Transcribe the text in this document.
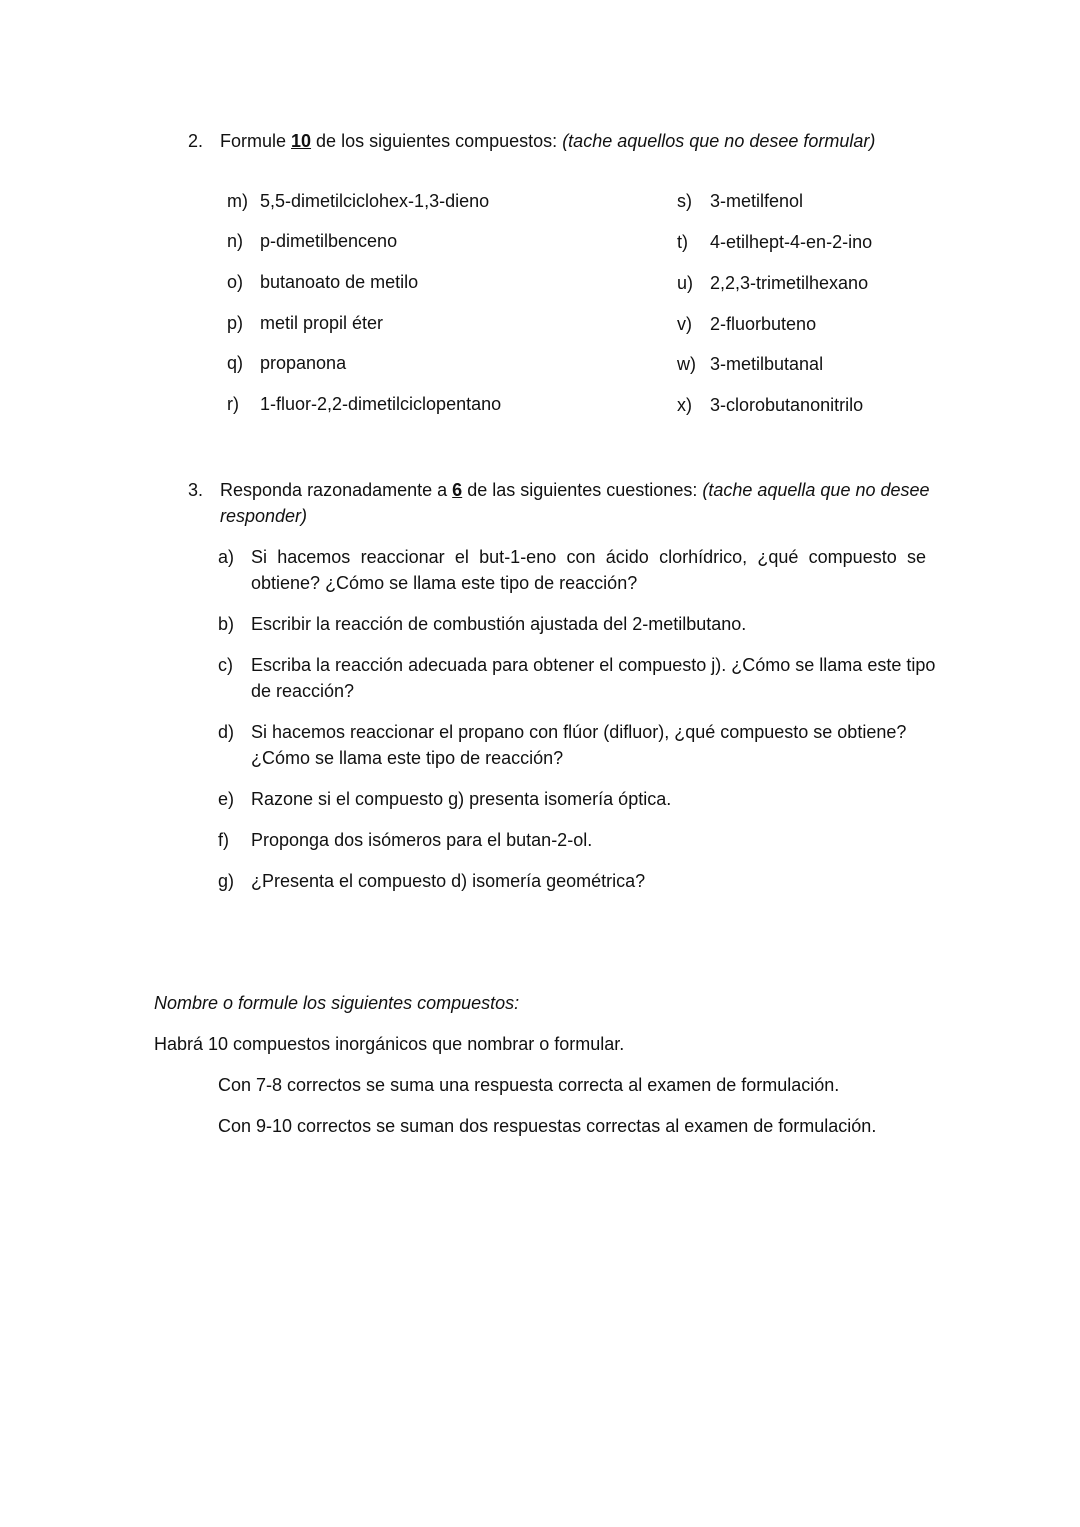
2. Formule 10 de los siguientes compuestos: (tache aquellos que no desee formular)
m) 5,5-dimetilciclohex-1,3-dieno
n) p-dimetilbenceno
o) butanoato de metilo
p) metil propil éter
q) propanona
r) 1-fluor-2,2-dimetilciclopentano
s) 3-metilfenol
t) 4-etilhept-4-en-2-ino
u) 2,2,3-trimetilhexano
v) 2-fluorbuteno
w) 3-metilbutanal
x) 3-clorobutanonitrilo
3. Responda razonadamente a 6 de las siguientes cuestiones: (tache aquella que no desee
responder)
a) Si hacemos reaccionar el but-1-eno con ácido clorhídrico, ¿qué compuesto se
obtiene? ¿Cómo se llama este tipo de reacción?
b) Escribir la reacción de combustión ajustada del 2-metilbutano.
c) Escriba la reacción adecuada para obtener el compuesto j). ¿Cómo se llama este tipo
de reacción?
d) Si hacemos reaccionar el propano con flúor (difluor), ¿qué compuesto se obtiene?
¿Cómo se llama este tipo de reacción?
e) Razone si el compuesto g) presenta isomería óptica.
f) Proponga dos isómeros para el butan-2-ol.
g) ¿Presenta el compuesto d) isomería geométrica?
Nombre o formule los siguientes compuestos:
Habrá 10 compuestos inorgánicos que nombrar o formular.
Con 7-8 correctos se suma una respuesta correcta al examen de formulación.
Con 9-10 correctos se suman dos respuestas correctas al examen de formulación.
